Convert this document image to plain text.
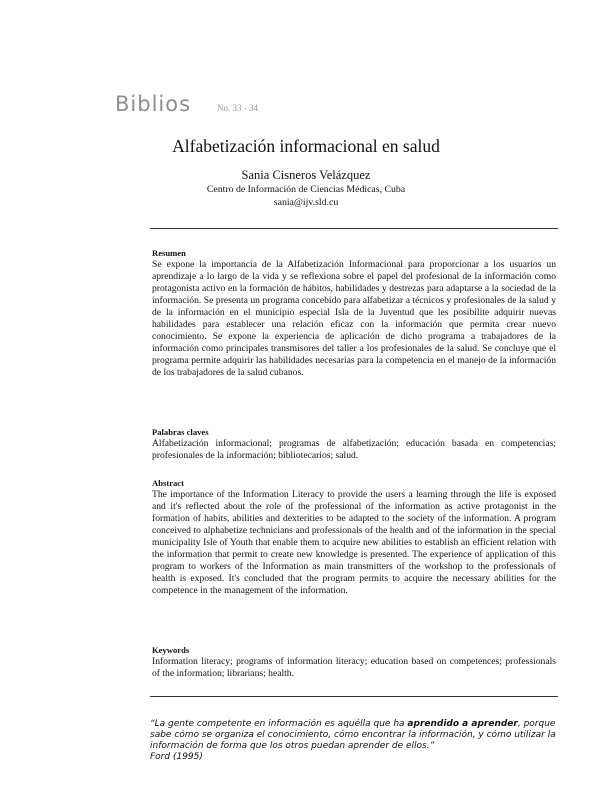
Biblios	No. 33 - 34
Alfabetización informacional en salud
Sania Cisneros Velázquez
Centro de Información de Ciencias Médicas, Cuba
sania@ijv.sld.cu
Resumen

Se expone la importancia de la Alfabetización Informacional para proporcionar a los usuarios un aprendizaje a lo largo de la vida y se reflexiona sobre el papel del profesional de la información como protagonista activo en la formación de hábitos, habilidades y destrezas para adaptarse a la sociedad de la información. Se presenta un programa concebido para alfabetizar a técnicos y profesionales de la salud y de la información en el municipio especial Isla de la Juventud que les posibilite adquirir nuevas habilidades para establecer una relación eficaz con la información que permita crear nuevo conocimiento. Se expone la experiencia de aplicación de dicho programa a trabajadores de la información como principales transmisores del taller a los profesionales de la salud. Se concluye que el programa permite adquirir las habilidades necesarias para la competencia en el manejo de la información de los trabajadores de la salud cubanos.

Palabras claves

Alfabetización informacional; programas de alfabetización; educación basada en competencias; profesionales de la información; bibliotecarios; salud.

Abstract

The importance of the Information Literacy to provide the users a learning through the life is exposed and it's reflected about the role of the professional of the information as active protagonist in the formation of habits, abilities and dexterities to be adapted to the society of the information. A program conceived to alphabetize technicians and professionals of the health and of the information in the special municipality Isle of Youth that enable them to acquire new abilities to establish an efficient relation with the information that permit to create new knowledge is presented. The experience of application of this program to workers of the Information as main transmitters of the workshop to the professionals of health is exposed. It's concluded that the program permits to acquire the necessary abilities for the competence in the management of the information.

Keywords

Information literacy; programs of information literacy; education based on competences; professionals of the information; librarians; health.

“La gente competente en información es aquélla que ha aprendido a aprender, porque sabe cómo se organiza el conocimiento, cómo encontrar la información, y cómo utilizar la información de forma que los otros puedan aprender de ellos.”
Ford (1995)
